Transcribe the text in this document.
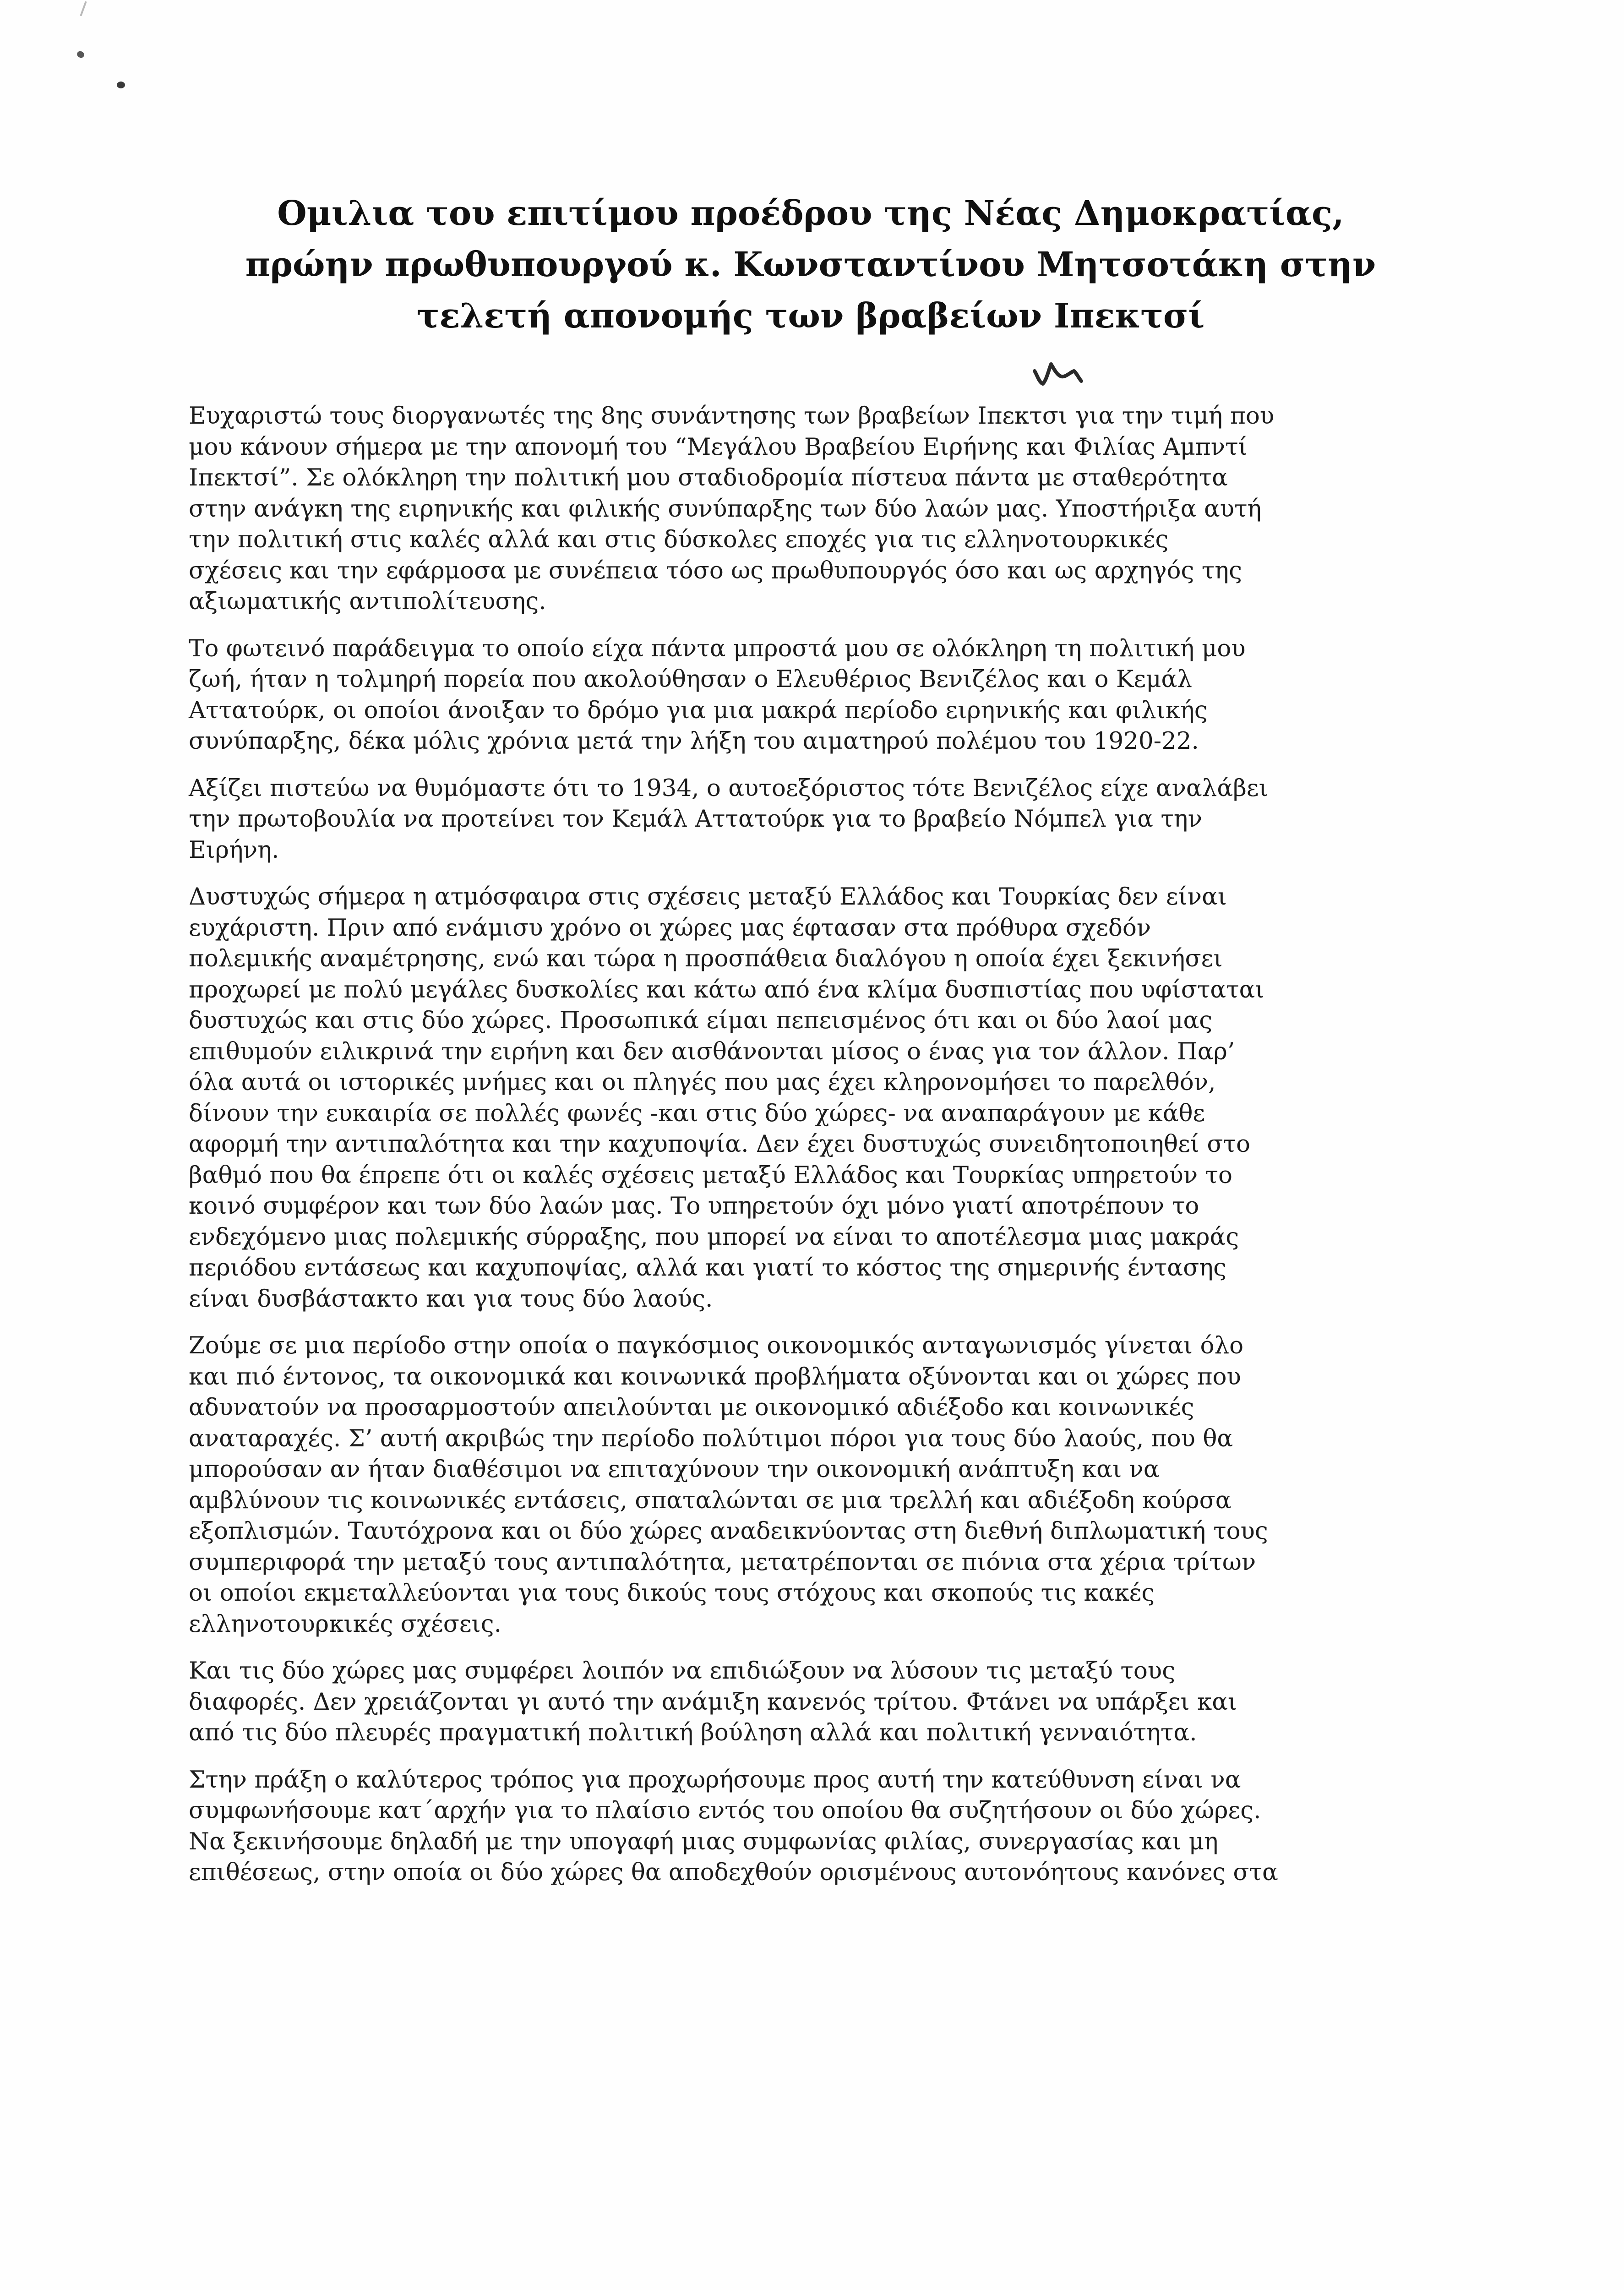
Ομιλια του επιτίμου προέδρου της Νέας Δημοκρατίας,
πρώην πρωθυπουργού κ. Κωνσταντίνου Μητσοτάκη στην
τελετή απονομής των βραβείων Ιπεκτσί

Ευχαριστώ τους διοργανωτές της 8ης συνάντησης των βραβείων Ιπεκτσι για την τιμή που
μου κάνουν σήμερα με την απονομή του “Μεγάλου Βραβείου Ειρήνης και Φιλίας Αμπντί
Ιπεκτσί”. Σε ολόκληρη την πολιτική μου σταδιοδρομία πίστευα πάντα με σταθερότητα
στην ανάγκη της ειρηνικής και φιλικής συνύπαρξης των δύο λαών μας. Υποστήριξα αυτή
την πολιτική στις καλές αλλά και στις δύσκολες εποχές για τις ελληνοτουρκικές
σχέσεις και την εφάρμοσα με συνέπεια τόσο ως πρωθυπουργός όσο και ως αρχηγός της
αξιωματικής αντιπολίτευσης.

Το φωτεινό παράδειγμα το οποίο είχα πάντα μπροστά μου σε ολόκληρη τη πολιτική μου
ζωή, ήταν η τολμηρή πορεία που ακολούθησαν ο Ελευθέριος Βενιζέλος και ο Κεμάλ
Αττατούρκ, οι οποίοι άνοιξαν το δρόμο για μια μακρά περίοδο ειρηνικής και φιλικής
συνύπαρξης, δέκα μόλις χρόνια μετά την λήξη του αιματηρού πολέμου του 1920-22.

Αξίζει πιστεύω να θυμόμαστε ότι το 1934, ο αυτοεξόριστος τότε Βενιζέλος είχε αναλάβει
την πρωτοβουλία να προτείνει τον Κεμάλ Αττατούρκ για το βραβείο Νόμπελ για την
Ειρήνη.

Δυστυχώς σήμερα η ατμόσφαιρα στις σχέσεις μεταξύ Ελλάδος και Τουρκίας δεν είναι
ευχάριστη. Πριν από ενάμισυ χρόνο οι χώρες μας έφτασαν στα πρόθυρα σχεδόν
πολεμικής αναμέτρησης, ενώ και τώρα η προσπάθεια διαλόγου η οποία έχει ξεκινήσει
προχωρεί με πολύ μεγάλες δυσκολίες και κάτω από ένα κλίμα δυσπιστίας που υφίσταται
δυστυχώς και στις δύο χώρες. Προσωπικά είμαι πεπεισμένος ότι και οι δύο λαοί μας
επιθυμούν ειλικρινά την ειρήνη και δεν αισθάνονται μίσος ο ένας για τον άλλον. Παρ’
όλα αυτά οι ιστορικές μνήμες και οι πληγές που μας έχει κληρονομήσει το παρελθόν,
δίνουν την ευκαιρία σε πολλές φωνές -και στις δύο χώρες- να αναπαράγουν με κάθε
αφορμή την αντιπαλότητα και την καχυποψία. Δεν έχει δυστυχώς συνειδητοποιηθεί στο
βαθμό που θα έπρεπε ότι οι καλές σχέσεις μεταξύ Ελλάδος και Τουρκίας υπηρετούν το
κοινό συμφέρον και των δύο λαών μας. Το υπηρετούν όχι μόνο γιατί αποτρέπουν το
ενδεχόμενο μιας πολεμικής σύρραξης, που μπορεί να είναι το αποτέλεσμα μιας μακράς
περιόδου εντάσεως και καχυποψίας, αλλά και γιατί το κόστος της σημερινής έντασης
είναι δυσβάστακτο και για τους δύο λαούς.

Ζούμε σε μια περίοδο στην οποία ο παγκόσμιος οικονομικός ανταγωνισμός γίνεται όλο
και πιό έντονος, τα οικονομικά και κοινωνικά προβλήματα οξύνονται και οι χώρες που
αδυνατούν να προσαρμοστούν απειλούνται με οικονομικό αδιέξοδο και κοινωνικές
αναταραχές. Σ’ αυτή ακριβώς την περίοδο πολύτιμοι πόροι για τους δύο λαούς, που θα
μπορούσαν αν ήταν διαθέσιμοι να επιταχύνουν την οικονομική ανάπτυξη και να
αμβλύνουν τις κοινωνικές εντάσεις, σπαταλώνται σε μια τρελλή και αδιέξοδη κούρσα
εξοπλισμών. Ταυτόχρονα και οι δύο χώρες αναδεικνύοντας στη διεθνή διπλωματική τους
συμπεριφορά την μεταξύ τους αντιπαλότητα, μετατρέπονται σε πιόνια στα χέρια τρίτων
οι οποίοι εκμεταλλεύονται για τους δικούς τους στόχους και σκοπούς τις κακές
ελληνοτουρκικές σχέσεις.

Και τις δύο χώρες μας συμφέρει λοιπόν να επιδιώξουν να λύσουν τις μεταξύ τους
διαφορές. Δεν χρειάζονται γι αυτό την ανάμιξη κανενός τρίτου. Φτάνει να υπάρξει και
από τις δύο πλευρές πραγματική πολιτική βούληση αλλά και πολιτική γενναιότητα.

Στην πράξη ο καλύτερος τρόπος για προχωρήσουμε προς αυτή την κατεύθυνση είναι να
συμφωνήσουμε κατ΄αρχήν για το πλαίσιο εντός του οποίου θα συζητήσουν οι δύο χώρες.
Να ξεκινήσουμε δηλαδή με την υπογαφή μιας συμφωνίας φιλίας, συνεργασίας και μη
επιθέσεως, στην οποία οι δύο χώρες θα αποδεχθούν ορισμένους αυτονόητους κανόνες στα
